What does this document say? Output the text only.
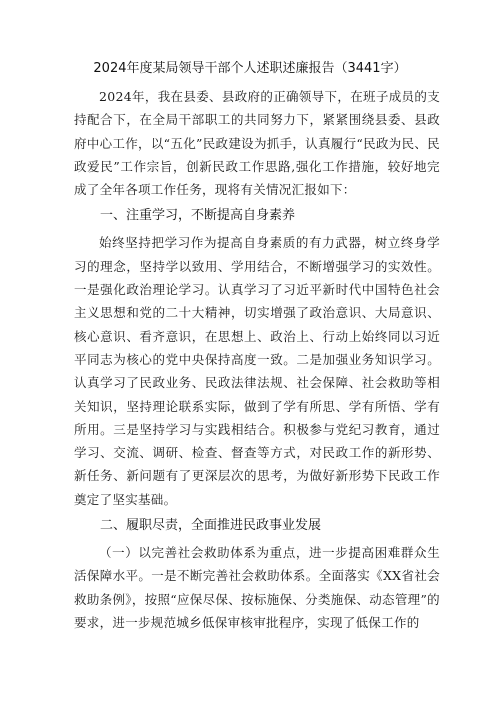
2024年度某局领导干部个人述职述廉报告（3441字）

2024年，我在县委、县政府的正确领导下，在班子成员的支持配合下，在全局干部职工的共同努力下，紧紧围绕县委、县政府中心工作，以“五化”民政建设为抓手，认真履行“民政为民、民政爱民”工作宗旨，创新民政工作思路,强化工作措施，较好地完成了全年各项工作任务，现将有关情况汇报如下：

一、注重学习，不断提高自身素养

始终坚持把学习作为提高自身素质的有力武器，树立终身学习的理念，坚持学以致用、学用结合，不断增强学习的实效性。一是强化政治理论学习。认真学习了习近平新时代中国特色社会主义思想和党的二十大精神，切实增强了政治意识、大局意识、核心意识、看齐意识，在思想上、政治上、行动上始终同以习近平同志为核心的党中央保持高度一致。二是加强业务知识学习。认真学习了民政业务、民政法律法规、社会保障、社会救助等相关知识，坚持理论联系实际，做到了学有所思、学有所悟、学有所用。三是坚持学习与实践相结合。积极参与党纪习教育，通过学习、交流、调研、检查、督查等方式，对民政工作的新形势、新任务、新问题有了更深层次的思考，为做好新形势下民政工作奠定了坚实基础。

二、履职尽责，全面推进民政事业发展

（一）以完善社会救助体系为重点，进一步提高困难群众生活保障水平。一是不断完善社会救助体系。全面落实《XX省社会救助条例》，按照“应保尽保、按标施保、分类施保、动态管理”的要求，进一步规范城乡低保审核审批程序，实现了低保工作的
